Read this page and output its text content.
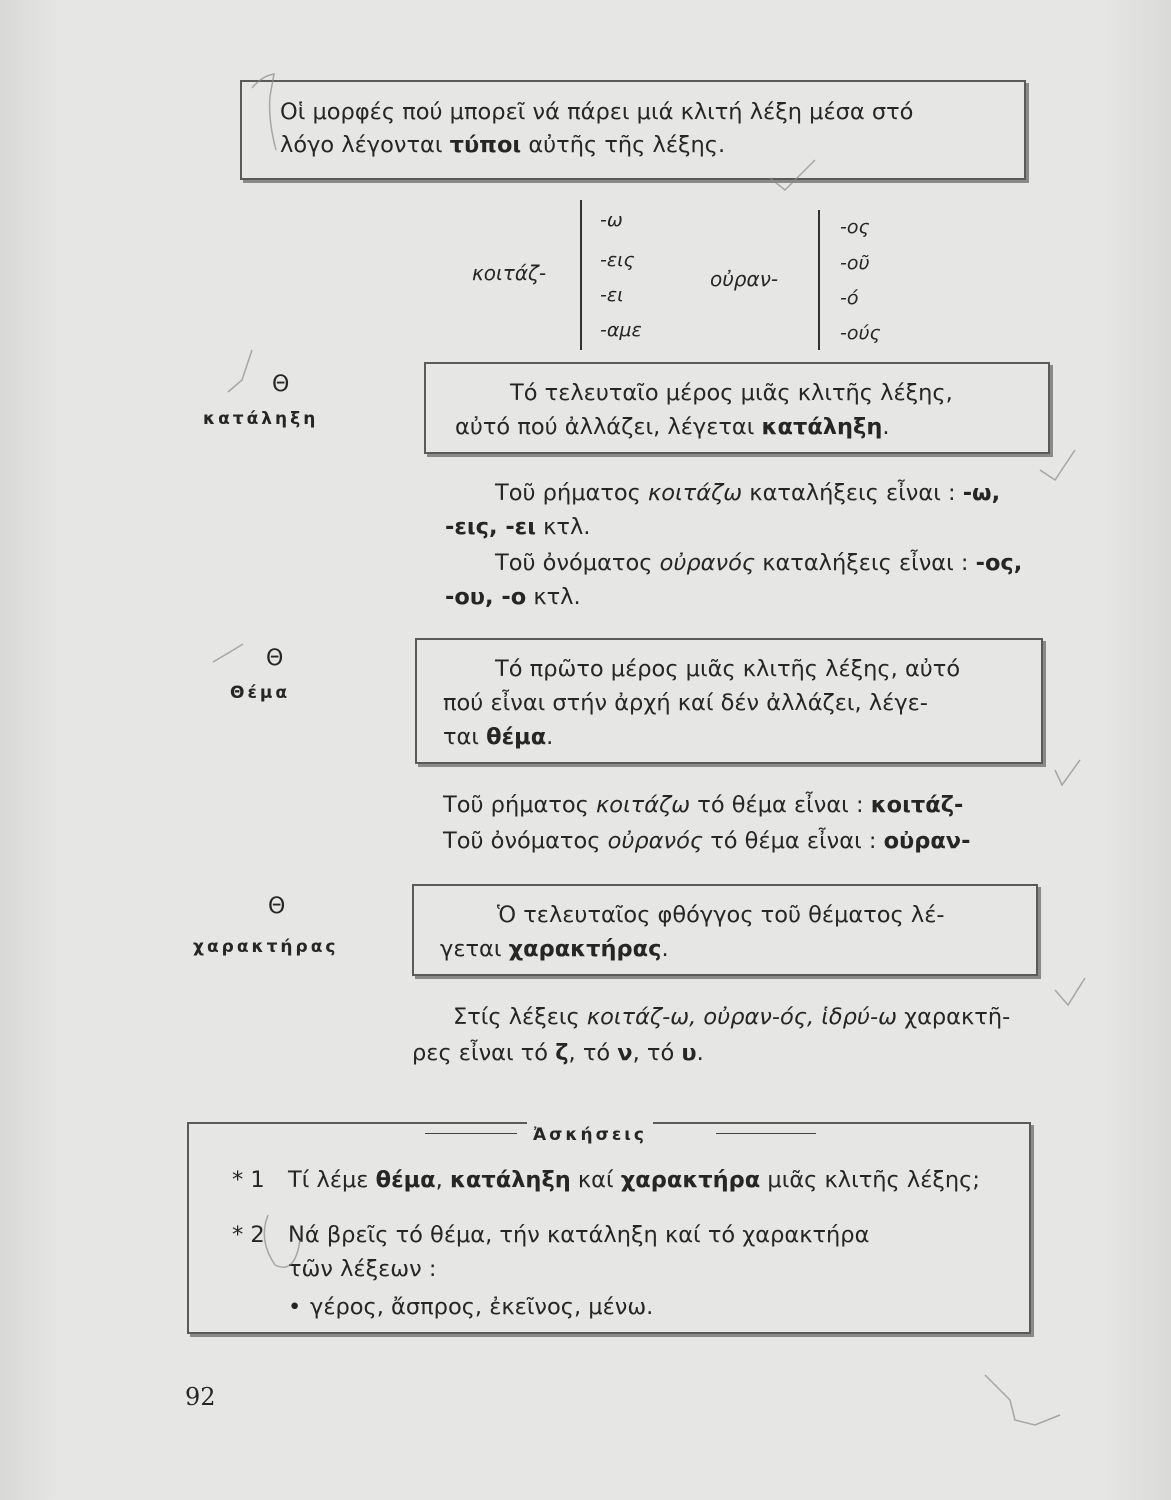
Οἱ μορφές πού μπορεῖ νά πάρει μιά κλιτή λέξη μέσα στό
λόγο λέγονται τύποι αὐτῆς τῆς λέξης.
κοιτάζ-
-ω
-εις
-ει
-αμε
οὐραν-
-ος
-οῦ
-ό
-ούς
Θ
κατάληξη
Τό τελευταῖο μέρος μιᾶς κλιτῆς λέξης,
αὐτό πού ἀλλάζει, λέγεται κατάληξη.
Τοῦ ρήματος κοιτάζω καταλήξεις εἶναι : -ω,
-εις, -ει κτλ.
Τοῦ ὀνόματος οὐρανός καταλήξεις εἶναι : -ος,
-ου, -ο κτλ.
Θ
Θέμα
Τό πρῶτο μέρος μιᾶς κλιτῆς λέξης, αὐτό
πού εἶναι στήν ἀρχή καί δέν ἀλλάζει, λέγε-
ται θέμα.
Τοῦ ρήματος κοιτάζω τό θέμα εἶναι : κοιτάζ-
Τοῦ ὀνόματος οὐρανός τό θέμα εἶναι : οὐραν-
Θ
χαρακτήρας
Ὁ τελευταῖος φθόγγος τοῦ θέματος λέ-
γεται χαρακτήρας.
Στίς λέξεις κοιτάζ-ω, οὐραν-ός, ἱδρύ-ω χαρακτῆ-
ρες εἶναι τό ζ, τό ν, τό υ.
Ἀσκήσεις
* 1 Τί λέμε θέμα, κατάληξη καί χαρακτήρα μιᾶς κλιτῆς λέξης;
* 2 Νά βρεῖς τό θέμα, τήν κατάληξη καί τό χαρακτήρα
τῶν λέξεων :
• γέρος, ἄσπρος, ἐκεῖνος, μένω.
92
